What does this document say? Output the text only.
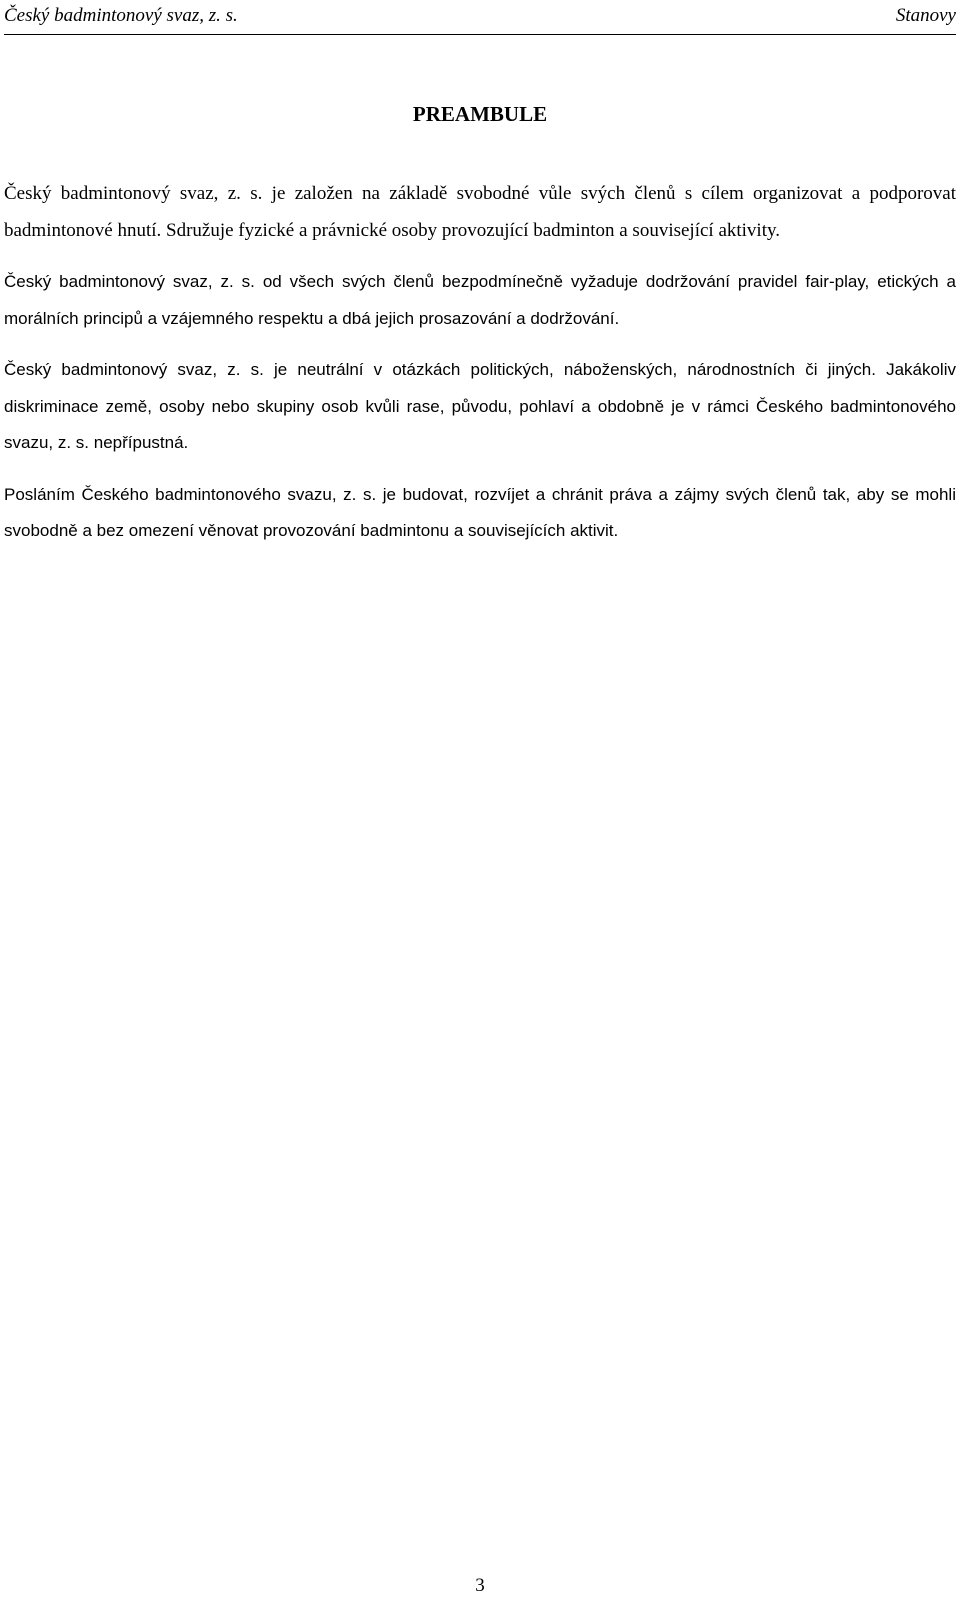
Český badmintonový svaz, z. s.	Stanovy
PREAMBULE

Český badmintonový svaz, z. s. je založen na základě svobodné vůle svých členů s cílem organizovat a podporovat badmintonové hnutí. Sdružuje fyzické a právnické osoby provozující badminton a související aktivity.

Český badmintonový svaz, z. s. od všech svých členů bezpodmínečně vyžaduje dodržování pravidel fair-play, etických a morálních principů a vzájemného respektu a dbá jejich prosazování a dodržování.

Český badmintonový svaz, z. s. je neutrální v otázkách politických, náboženských, národnostních či jiných. Jakákoliv diskriminace země, osoby nebo skupiny osob kvůli rase, původu, pohlaví a obdobně je v rámci Českého badmintonového svazu, z. s. nepřípustná.

Posláním Českého badmintonového svazu, z. s. je budovat, rozvíjet a chránit práva a zájmy svých členů tak, aby se mohli svobodně a bez omezení věnovat provozování badmintonu a souvisejících aktivit.

3
